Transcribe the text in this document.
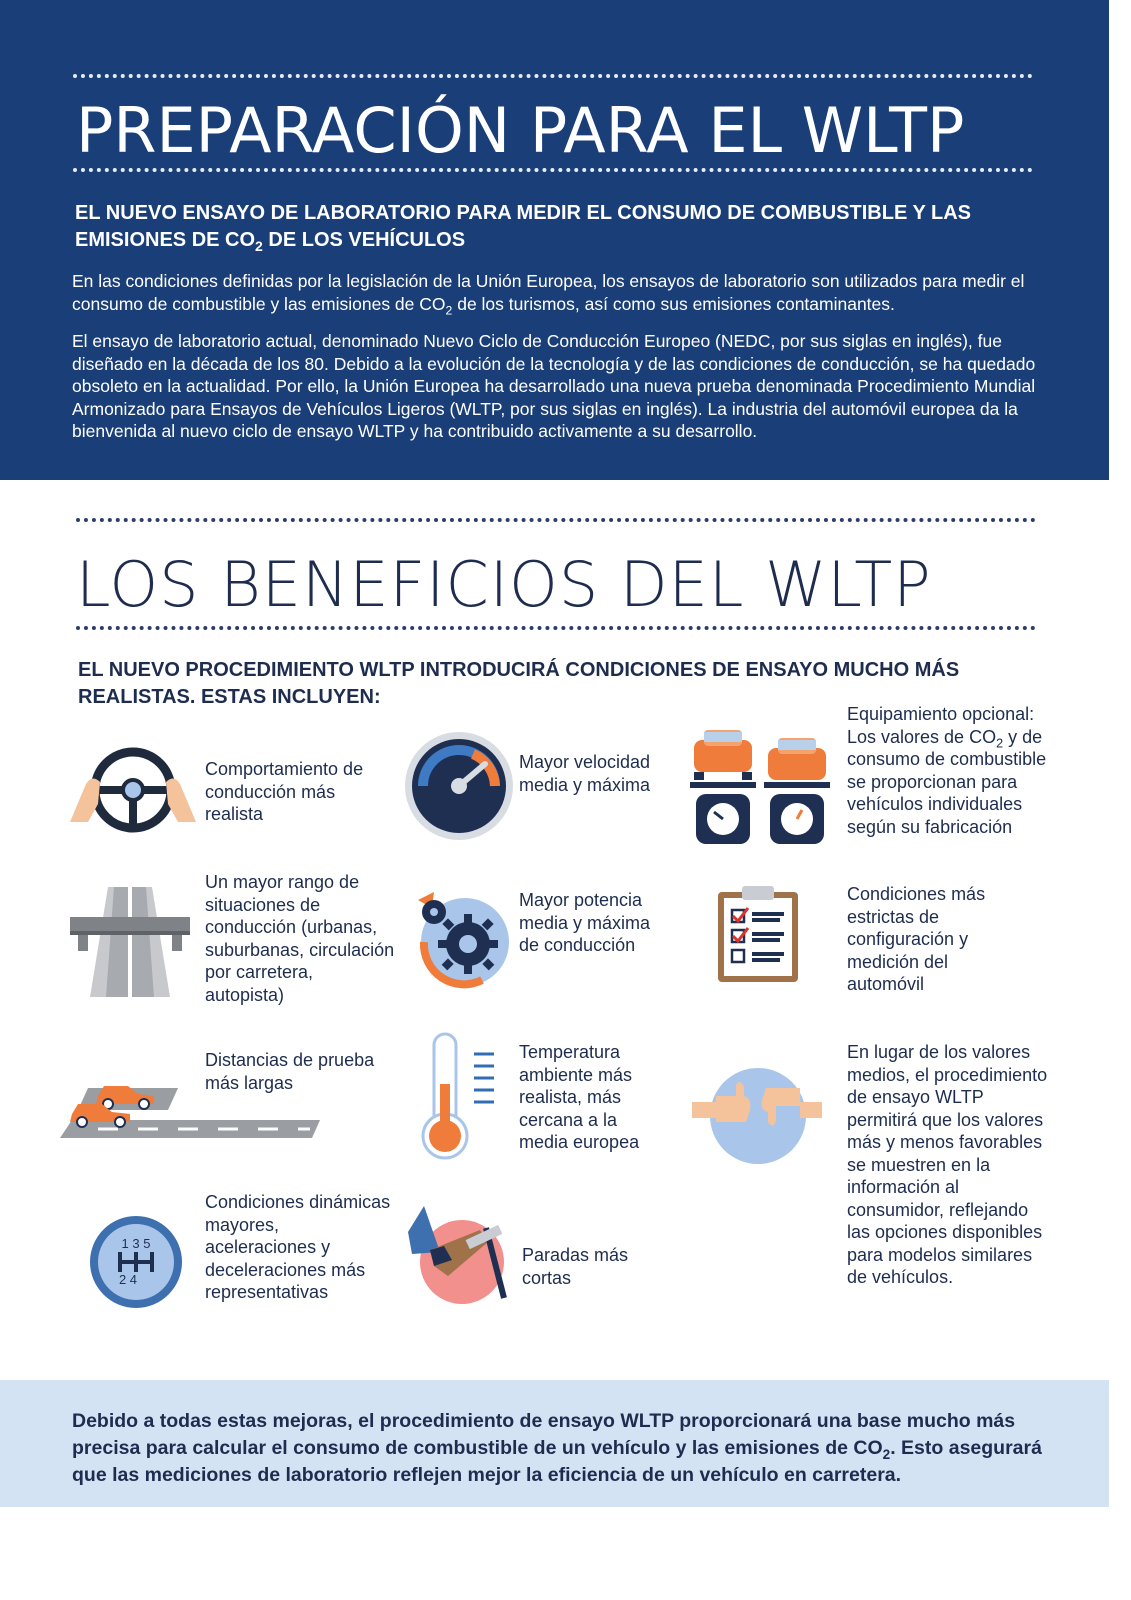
PREPARACIÓN PARA EL WLTP
EL NUEVO ENSAYO DE LABORATORIO PARA MEDIR EL CONSUMO DE COMBUSTIBLE Y LAS EMISIONES DE $CO_2$ DE LOS VEHÍCULOS
En las condiciones definidas por la legislación de la Unión Europea, los ensayos de laboratorio son utilizados para medir el consumo de combustible y las emisiones de $CO_2$ de los turismos, así como sus emisiones contaminantes.
El ensayo de laboratorio actual, denominado Nuevo Ciclo de Conducción Europeo (NEDC, por sus siglas en inglés), fue diseñado en la década de los 80. Debido a la evolución de la tecnología y de las condiciones de conducción, se ha quedado obsoleto en la actualidad. Por ello, la Unión Europea ha desarrollado una nueva prueba denominada Procedimiento Mundial Armonizado para Ensayos de Vehículos Ligeros (WLTP, por sus siglas en inglés). La industria del automóvil europea da la bienvenida al nuevo ciclo de ensayo WLTP y ha contribuido activamente a su desarrollo.
LOS BENEFICIOS DEL WLTP
EL NUEVO PROCEDIMIENTO WLTP INTRODUCIRÁ CONDICIONES DE ENSAYO MUCHO MÁS REALISTAS. ESTAS INCLUYEN:
Comportamiento de conducción más realista
Mayor velocidad media y máxima
Equipamiento opcional: Los valores de $CO_2$ y de consumo de combustible se proporcionan para vehículos individuales según su fabricación
Un mayor rango de situaciones de conducción (urbanas, suburbanas, circulación por carretera, autopista)
Mayor potencia media y máxima de conducción
Condiciones más estrictas de configuración y medición del automóvil
Distancias de prueba más largas
Temperatura ambiente más realista, más cercana a la media europea
En lugar de los valores medios, el procedimiento de ensayo WLTP permitirá que los valores más y menos favorables se muestren en la información al consumidor, reflejando las opciones disponibles para modelos similares de vehículos.
1 3 5
2 4
Condiciones dinámicas mayores, aceleraciones y deceleraciones más representativas
Paradas más cortas
Debido a todas estas mejoras, el procedimiento de ensayo WLTP proporcionará una base mucho más precisa para calcular el consumo de combustible de un vehículo y las emisiones de $CO_2$. Esto asegurará que las mediciones de laboratorio reflejen mejor la eficiencia de un vehículo en carretera.
